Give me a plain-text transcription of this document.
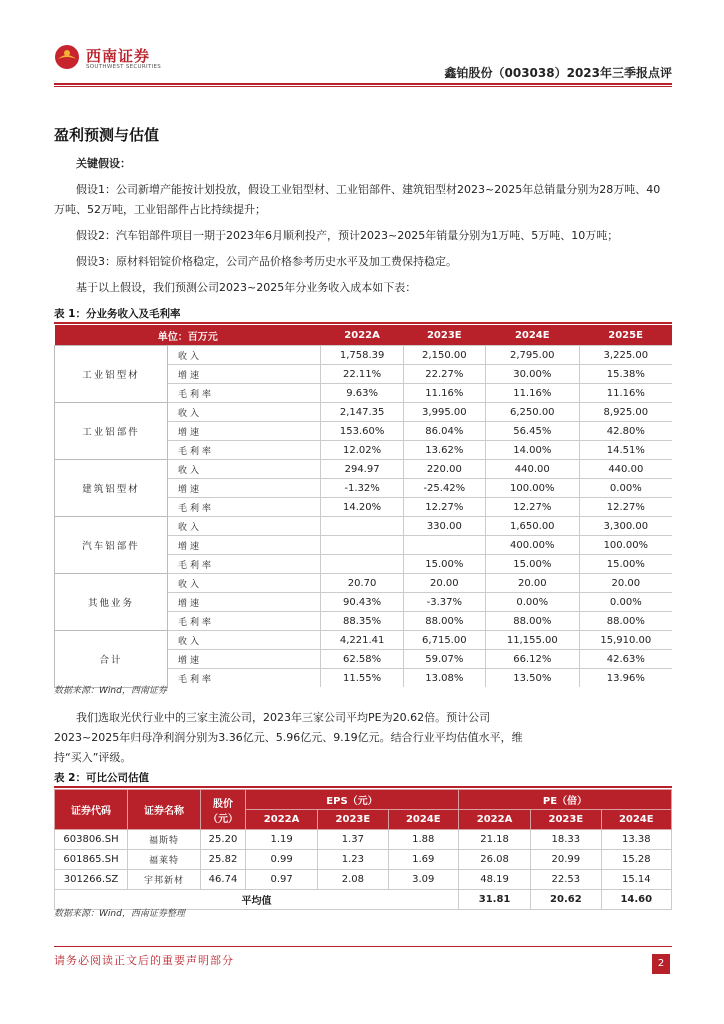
西南证券
SOUTHWEST SECURITIES	鑫铂股份（003038）2023年三季报点评
盈利预测与估值

关键假设：

假设1：公司新增产能按计划投放，假设工业铝型材、工业铝部件、建筑铝型材2023~2025年总销量分别为28万吨、40万吨、52万吨，工业铝部件占比持续提升；

假设2：汽车铝部件项目一期于2023年6月顺利投产，预计2023~2025年销量分别为1万吨、5万吨、10万吨；

假设3：原材料铝锭价格稳定，公司产品价格参考历史水平及加工费保持稳定。

基于以上假设，我们预测公司2023~2025年分业务收入成本如下表：

表 1：分业务收入及毛利率
单位：百万元		2022A	2023E	2024E	2025E
工业铝型材	收入	1,758.39	2,150.00	2,795.00	3,225.00
	增速	22.11%	22.27%	30.00%	15.38%
	毛利率	9.63%	11.16%	11.16%	11.16%
工业铝部件	收入	2,147.35	3,995.00	6,250.00	8,925.00
	增速	153.60%	86.04%	56.45%	42.80%
	毛利率	12.02%	13.62%	14.00%	14.51%
建筑铝型材	收入	294.97	220.00	440.00	440.00
	增速	-1.32%	-25.42%	100.00%	0.00%
	毛利率	14.20%	12.27%	12.27%	12.27%
汽车铝部件	收入		330.00	1,650.00	3,300.00
	增速			400.00%	100.00%
	毛利率		15.00%	15.00%	15.00%
其他业务	收入	20.70	20.00	20.00	20.00
	增速	90.43%	-3.37%	0.00%	0.00%
	毛利率	88.35%	88.00%	88.00%	88.00%
合计	收入	4,221.41	6,715.00	11,155.00	15,910.00
	增速	62.58%	59.07%	66.12%	42.63%
	毛利率	11.55%	13.08%	13.50%	13.96%
数据来源：Wind，西南证券

我们选取光伏行业中的三家主流公司，2023年三家公司平均PE为20.62倍。预计公司2023~2025年归母净利润分别为3.36亿元、5.96亿元、9.19亿元。结合行业平均估值水平，维持“买入”评级。

表 2：可比公司估值
证券代码	证券名称	股价（元）	EPS（元）			PE（倍）		
			2022A	2023E	2024E	2022A	2023E	2024E
603806.SH	福斯特	25.20	1.19	1.37	1.88	21.18	18.33	13.38
601865.SH	福莱特	25.82	0.99	1.23	1.69	26.08	20.99	15.28
301266.SZ	宇邦新材	46.74	0.97	2.08	3.09	48.19	22.53	15.14
平均值						31.81	20.62	14.60
数据来源：Wind，西南证券整理
请务必阅读正文后的重要声明部分	2
